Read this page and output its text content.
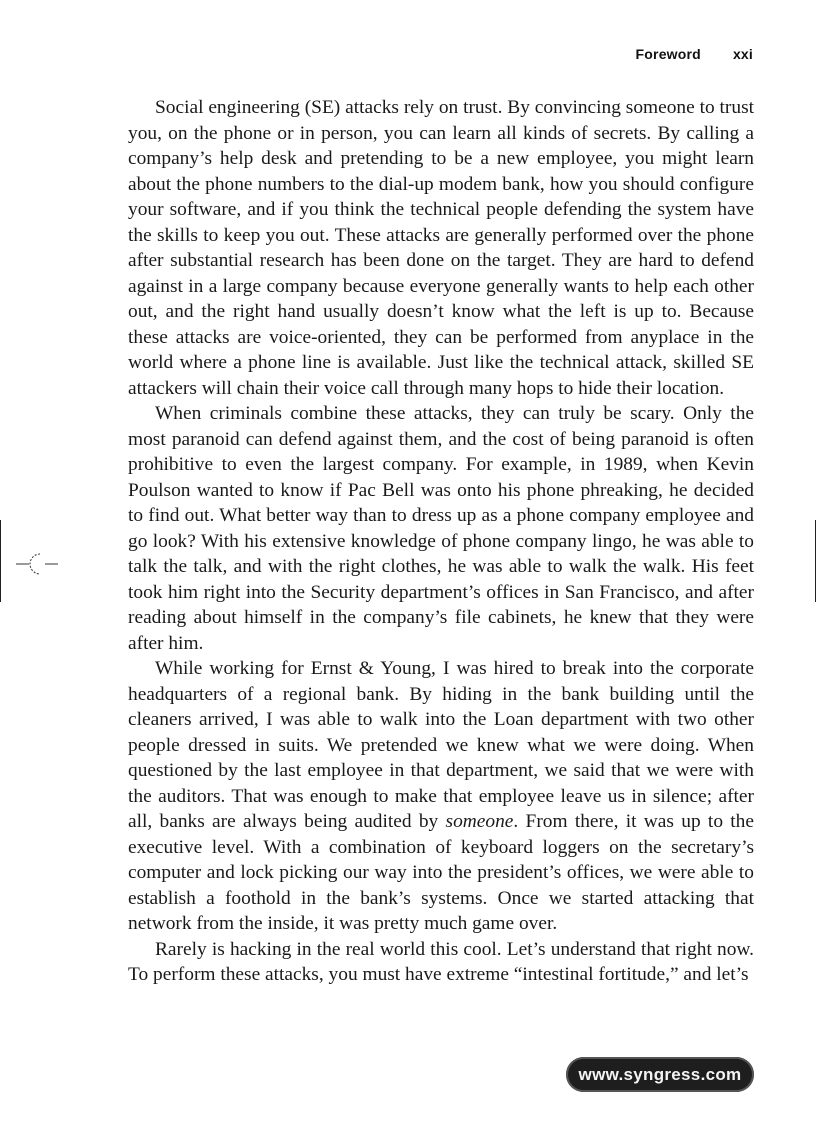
Foreword xxi

Social engineering (SE) attacks rely on trust. By convincing someone to trust you, on the phone or in person, you can learn all kinds of secrets. By calling a company’s help desk and pretending to be a new employee, you might learn about the phone numbers to the dial-up modem bank, how you should configure your software, and if you think the technical people defending the system have the skills to keep you out. These attacks are generally performed over the phone after substantial research has been done on the target. They are hard to defend against in a large company because everyone generally wants to help each other out, and the right hand usually doesn’t know what the left is up to. Because these attacks are voice-oriented, they can be performed from anyplace in the world where a phone line is available. Just like the technical attack, skilled SE attackers will chain their voice call through many hops to hide their location.

When criminals combine these attacks, they can truly be scary. Only the most paranoid can defend against them, and the cost of being paranoid is often prohibitive to even the largest company. For example, in 1989, when Kevin Poulson wanted to know if Pac Bell was onto his phone phreaking, he decided to find out. What better way than to dress up as a phone company employee and go look? With his extensive knowledge of phone company lingo, he was able to talk the talk, and with the right clothes, he was able to walk the walk. His feet took him right into the Security department’s offices in San Francisco, and after reading about himself in the company’s file cabinets, he knew that they were after him.

While working for Ernst & Young, I was hired to break into the corporate headquarters of a regional bank. By hiding in the bank building until the cleaners arrived, I was able to walk into the Loan department with two other people dressed in suits. We pretended we knew what we were doing. When questioned by the last employee in that department, we said that we were with the auditors. That was enough to make that employee leave us in silence; after all, banks are always being audited by someone. From there, it was up to the executive level. With a combination of keyboard loggers on the secretary’s computer and lock picking our way into the president’s offices, we were able to establish a foothold in the bank’s systems. Once we started attacking that network from the inside, it was pretty much game over.

Rarely is hacking in the real world this cool. Let’s understand that right now. To perform these attacks, you must have extreme “intestinal fortitude,” and let’s

www.syngress.com
